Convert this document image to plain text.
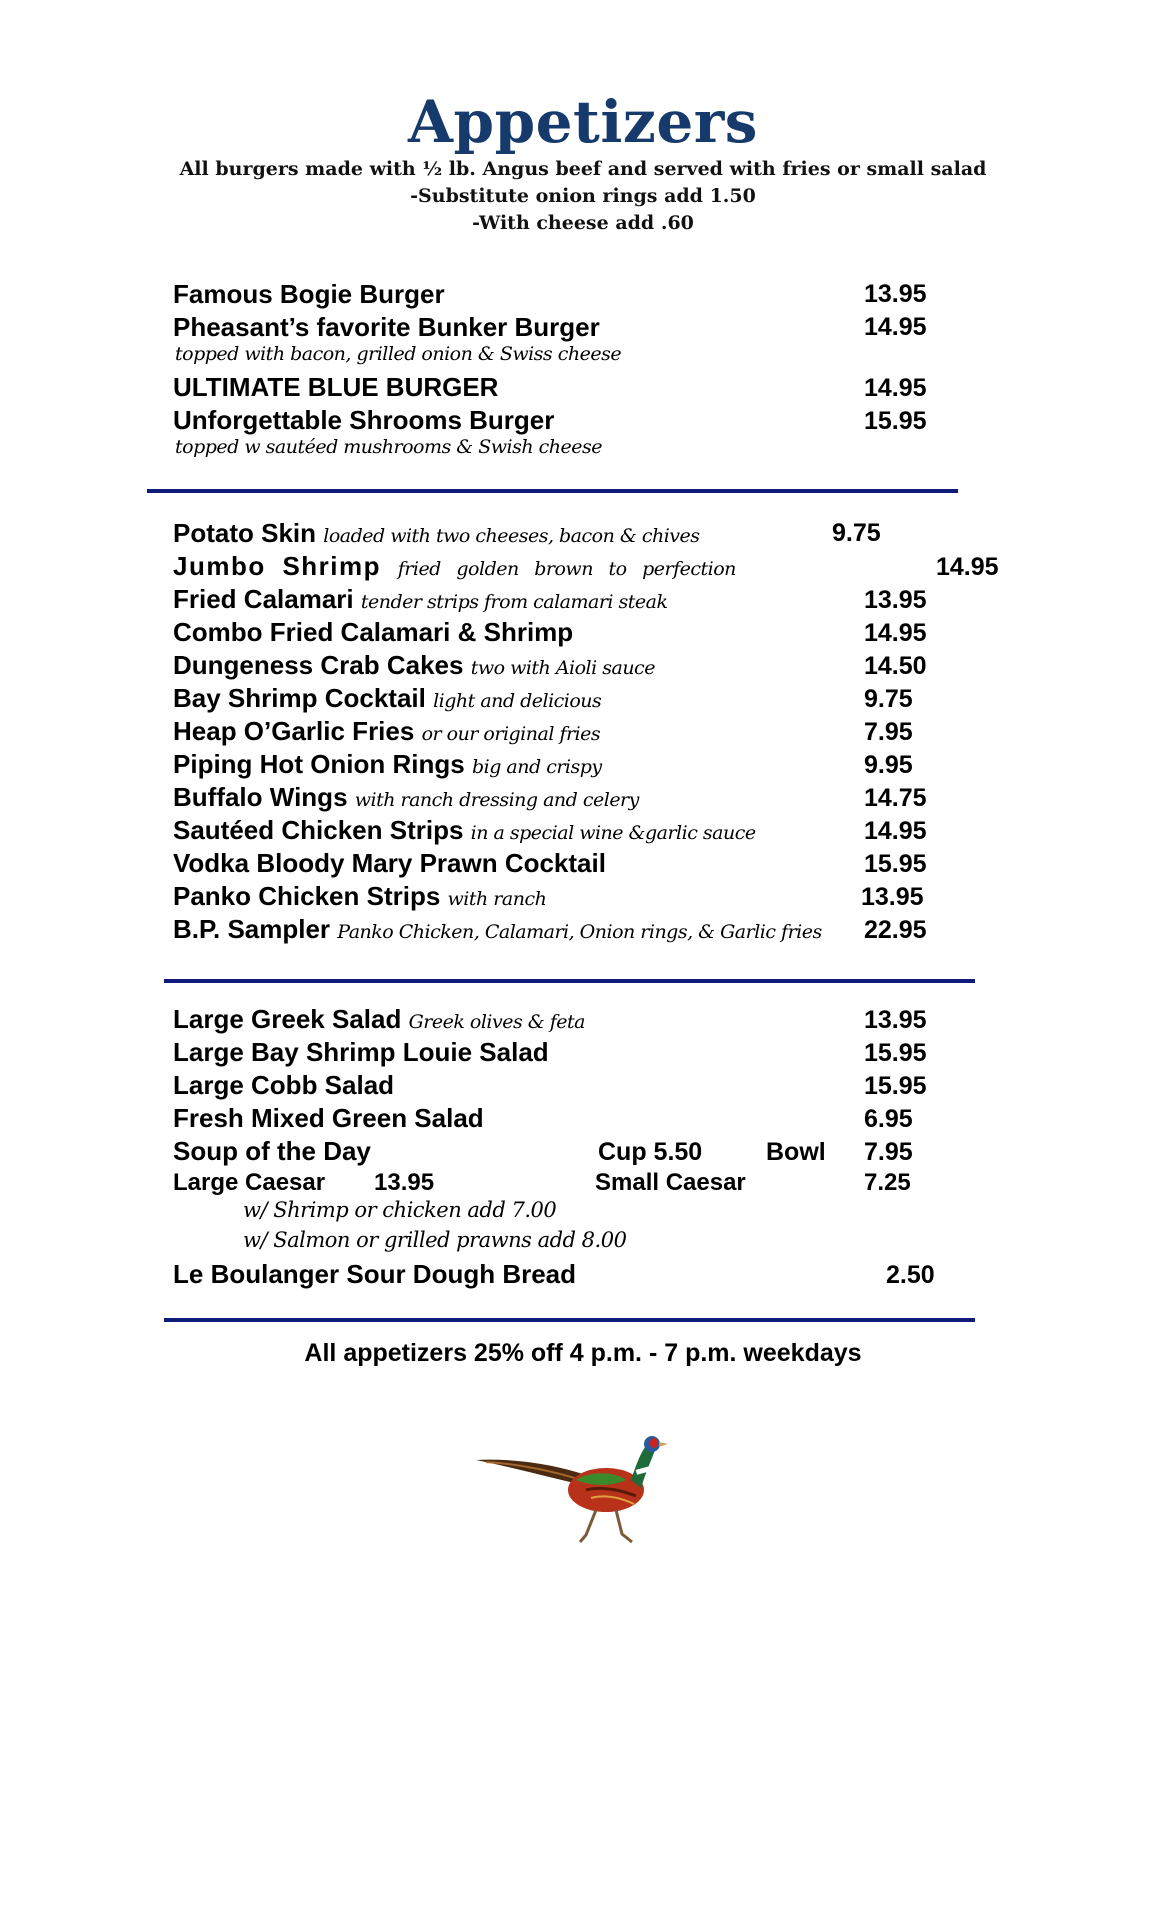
Appetizers
All burgers made with ½ lb. Angus beef and served with fries or small salad
-Substitute onion rings add 1.50
-With cheese add .60
Famous Bogie Burger	13.95
Pheasant’s favorite Bunker Burger	14.95
topped with bacon, grilled onion & Swiss cheese
ULTIMATE BLUE BURGER	14.95
Unforgettable Shrooms Burger	15.95
topped w sautéed mushrooms & Swish cheese
Potato Skin loaded with two cheeses, bacon & chives	9.75
Jumbo Shrimp fried golden brown to perfection	14.95
Fried Calamari tender strips from calamari steak	13.95
Combo Fried Calamari & Shrimp	14.95
Dungeness Crab Cakes two with Aioli sauce	14.50
Bay Shrimp Cocktail light and delicious	9.75
Heap O’Garlic Fries or our original fries	7.95
Piping Hot Onion Rings big and crispy	9.95
Buffalo Wings with ranch dressing and celery	14.75
Sautéed Chicken Strips in a special wine &garlic sauce	14.95
Vodka Bloody Mary Prawn Cocktail	15.95
Panko Chicken Strips with ranch	13.95
B.P. Sampler Panko Chicken, Calamari, Onion rings, & Garlic fries 22.95
Large Greek Salad Greek olives & feta	13.95
Large Bay Shrimp Louie Salad	15.95
Large Cobb Salad	15.95
Fresh Mixed Green Salad	6.95
Soup of the Day	Cup 5.50	Bowl 7.95
Large Caesar 13.95	Small Caesar	7.25
w/ Shrimp or chicken add 7.00
w/ Salmon or grilled prawns add 8.00
Le Boulanger Sour Dough Bread	2.50
All appetizers 25% off 4 p.m. - 7 p.m. weekdays
